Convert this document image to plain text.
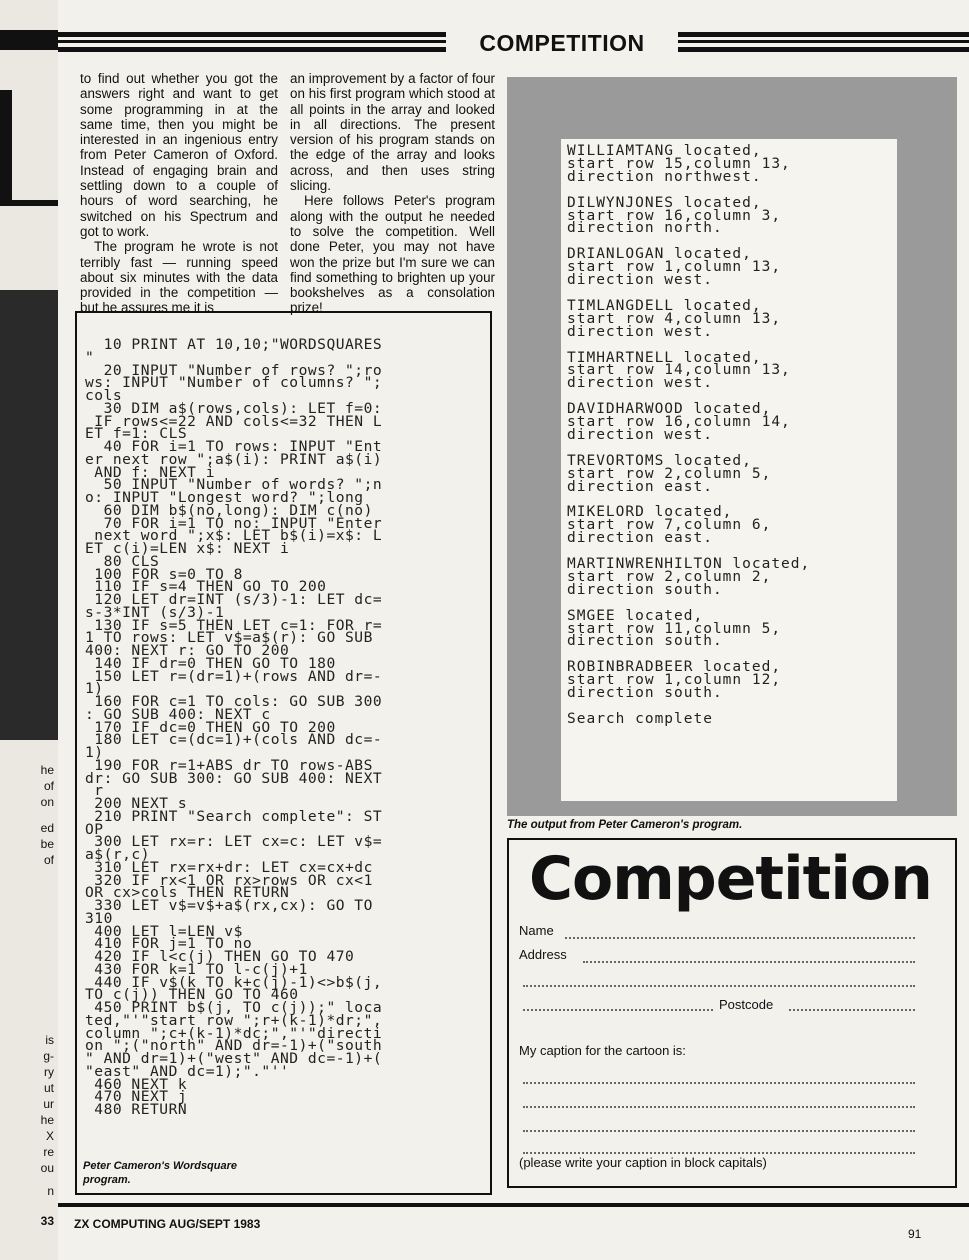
he
of
on
ed
be
of
is
g-
ry
ut
ur
he
X
re
ou
n
33
COMPETITION

to find out whether you got the answers right and want to get some programming in at the same time, then you might be interested in an ingenious entry from Peter Cameron of Oxford. Instead of engaging brain and settling down to a couple of hours of word searching, he switched on his Spectrum and got to work.

The program he wrote is not terribly fast — running speed about six minutes with the data provided in the competition — but he assures me it is

an improvement by a factor of four on his first program which stood at all points in the array and looked in all directions. The present version of his program stands on the edge of the array and looks across, and then uses string slicing.

Here follows Peter's program along with the output he needed to solve the competition. Well done Peter, you may not have won the prize but I'm sure we can find something to brighten up your bookshelves as a consolation prize!

10 PRINT AT 10,10;"WORDSQUARES
"
20 INPUT "Number of rows? ";ro
ws: INPUT "Number of columns? ";
cols
30 DIM a$(rows,cols): LET f=0:
IF rows<=22 AND cols<=32 THEN L
ET f=1: CLS
40 FOR i=1 TO rows: INPUT "Ent
er next row ";a$(i): PRINT a$(i)
AND f: NEXT i
50 INPUT "Number of words? ";n
o: INPUT "Longest word? ";long
60 DIM b$(no,long): DIM c(no)
70 FOR i=1 TO no: INPUT "Enter
next word ";x$: LET b$(i)=x$: L
ET c(i)=LEN x$: NEXT i
80 CLS
100 FOR s=0 TO 8
110 IF s=4 THEN GO TO 200
120 LET dr=INT (s/3)-1: LET dc=
s-3*INT (s/3)-1
130 IF s=5 THEN LET c=1: FOR r=
1 TO rows: LET v$=a$(r): GO SUB
400: NEXT r: GO TO 200
140 IF dr=0 THEN GO TO 180
150 LET r=(dr=1)+(rows AND dr=-
1)
160 FOR c=1 TO cols: GO SUB 300
: GO SUB 400: NEXT c
170 IF dc=0 THEN GO TO 200
180 LET c=(dc=1)+(cols AND dc=-
1)
190 FOR r=1+ABS dr TO rows-ABS
dr: GO SUB 300: GO SUB 400: NEXT
r
200 NEXT s
210 PRINT "Search complete": ST
OP
300 LET rx=r: LET cx=c: LET v$=
a$(r,c)
310 LET rx=rx+dr: LET cx=cx+dc
320 IF rx<1 OR rx>rows OR cx<1
OR cx>cols THEN RETURN
330 LET v$=v$+a$(rx,cx): GO TO
310
400 LET l=LEN v$
410 FOR j=1 TO no
420 IF l<c(j) THEN GO TO 470
430 FOR k=1 TO l-c(j)+1
440 IF v$(k TO k+c(j)-1)<>b$(j,
TO c(j)) THEN GO TO 460
450 PRINT b$(j, TO c(j));" loca
ted,"'"start row ";r+(k-1)*dr;",
column ";c+(k-1)*dc;","'"directi
on ";("north" AND dr=-1)+("south
" AND dr=1)+("west" AND dc=-1)+(
"east" AND dc=1);"."''
460 NEXT k
470 NEXT j
480 RETURN
Peter Cameron's Wordsquare program.
WILLIAMTANG located,
start row 15,column 13,
direction northwest.

DILWYNJONES located,
start row 16,column 3,
direction north.

DRIANLOGAN located,
start row 1,column 13,
direction west.

TIMLANGDELL located,
start row 4,column 13,
direction west.

TIMHARTNELL located,
start row 14,column 13,
direction west.

DAVIDHARWOOD located,
start row 16,column 14,
direction west.

TREVORTOMS located,
start row 2,column 5,
direction east.

MIKELORD located,
start row 7,column 6,
direction east.

MARTINWRENHILTON located,
start row 2,column 2,
direction south.

SMGEE located,
start row 11,column 5,
direction south.

ROBINBRADBEER located,
start row 1,column 12,
direction south.

Search complete
The output from Peter Cameron's program.
Competition
Name
Address
Postcode
My caption for the cartoon is:
(please write your caption in block capitals)
ZX COMPUTING AUG/SEPT 1983
91
